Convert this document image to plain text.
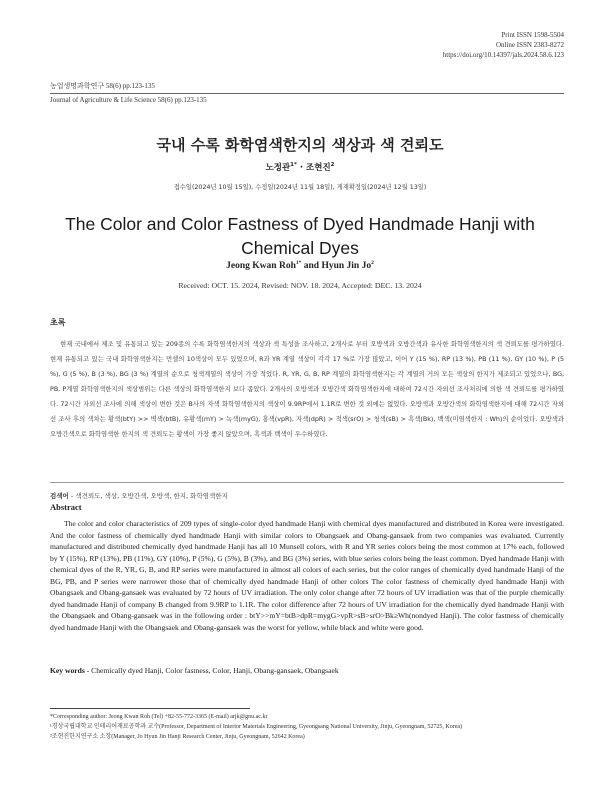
Print ISSN 1598-5504
Online ISSN 2383-8272
https://doi.org/10.14397/jals.2024.58.6.123
농업생명과학연구 58(6) pp.123-135
Journal of Agriculture & Life Science 58(6) pp.123-135
국내 수록 화학염색한지의 색상과 색 견뢰도
노정관$^{1*}$ · 조현진$^2$
접수일(2024년 10월 15일), 수정일(2024년 11월 18일), 게재확정일(2024년 12월 13일)
The Color and Color Fastness of Dyed Handmade Hanji with
Chemical Dyes
Jeong Kwan Roh$^{1*}$ and Hyun Jin Jo$^2$
Received: OCT. 15. 2024, Revised: NOV. 18. 2024, Accepted: DEC. 13. 2024
초록

현재 국내에서 제조 및 유통되고 있는 209종의 수록 화학염색한지의 색상과 색 특성을 조사하고, 2개사로 부터 오방색과 오방간색과 유사한 화학염색한지의 색 견뢰도를 평가하였다. 현재 유통되고 있는 국내 화학염색한지는 먼셀의 10색상이 모두 있었으며, R과 YR 계열 색상이 각각 17 %로 가장 많았고, 이어 Y (15 %), RP (13 %), PB (11 %), GY (10 %), P (5 %), G (5 %), B (3 %), BG (3 %) 계열의 순으로 청색계열의 색상이 가장 적었다. R, YR, G, B, RP 계열의 화학염색한지는 각 계열의 거의 모든 색상의 한지가 제조되고 있었으나, BG, PB, P계열 화학염색한지의 색상범위는 다른 색상의 화학염색한지 보다 좁았다. 2개사의 오방색과 오방간색 화학염색한지에 대하여 72시간 자외선 조사처리에 의한 색 견뢰도를 평가하였다. 72시간 자외선 조사에 의해 색상이 변한 것은 B사의 자색 화학염색한지의 색상이 9.9RP에서 1.1R로 변한 것 외에는 없었다. 오방색과 오방간색의 화학염색한지에 대해 72시간 자외선 조사 후의 색차는 황색(btY) >> 벽색(btB), 유황색(mY) > 녹색(myG), 홍색(vpR), 자색(dpR) > 적색(srO) > 청색(sB) > 흑색(Bk), 백색(미염색한지 : Wh)의 순이었다. 오방색과 오방간색으로 화학염색한 한지의 색 견뢰도는 황색이 가장 좋지 않았으며, 흑색과 백색이 우수하였다.

검색어 - 색견뢰도, 색상, 오방간색, 오방색, 한지, 화학염색한지
Abstract

The color and color characteristics of 209 types of single-color dyed handmade Hanji with chemical dyes manufactured and distributed in Korea were investigated. And the color fastness of chemically dyed handmade Hanji with similar colors to Obangsaek and Obang-gansaek from two companies was evaluated. Currently manufactured and distributed chemically dyed handmade Hanji has all 10 Munsell colors, with R and YR series colors being the most common at 17% each, followed by Y (15%), RP (13%), PB (11%), GY (10%), P (5%), G (5%), B (3%), and BG (3%) series, with blue series colors being the least common. Dyed handmade Hanji with chemical dyes of the R, YR, G, B, and RP series were manufactured in almost all colors of each series, but the color ranges of chemically dyed handmade Hanji of the BG, PB, and P series were narrower those that of chemically dyed handmade Hanji of other colors The color fastness of chemically dyed handmade Hanji with Obangsaek and Obang-gansaek was evaluated by 72 hours of UV irradiation. The only color change after 72 hours of UV irradiation was that of the purple chemically dyed handmade Hanji of company B changed from 9.9RP to 1.1R. The color difference after 72 hours of UV irradiation for the chemically dyed handmade Hanji with the Obangsaek and Obang-gansaek was in the following order : btY>>mY=btB>dpR=mygG>vpR>sB>srO>Bk≥Wh(nondyed Hanji). The color fastness of chemically dyed handmade Hanji with the Obangsaek and Obang-gansaek was the worst for yellow, while black and white were good.

Key words - Chemically dyed Hanji, Color fastness, Color, Hanji, Obang-gansaek, Obangsaek
*Corresponding author: Jeong Kwan Roh (Tel) +82-55-772-3365 (E-mail) arjk@gnu.ac.kr
¹경상국립대학교 인테리어재료공학과 교수(Professor, Department of Interior Materials Engineering, Gyeongsang National University, Jinju, Gyeongnam, 52725, Korea)
²조현진한지연구소 소장(Manager, Jo Hyun Jin Hanji Research Center, Jinju, Gyeongnam, 52642 Korea)
